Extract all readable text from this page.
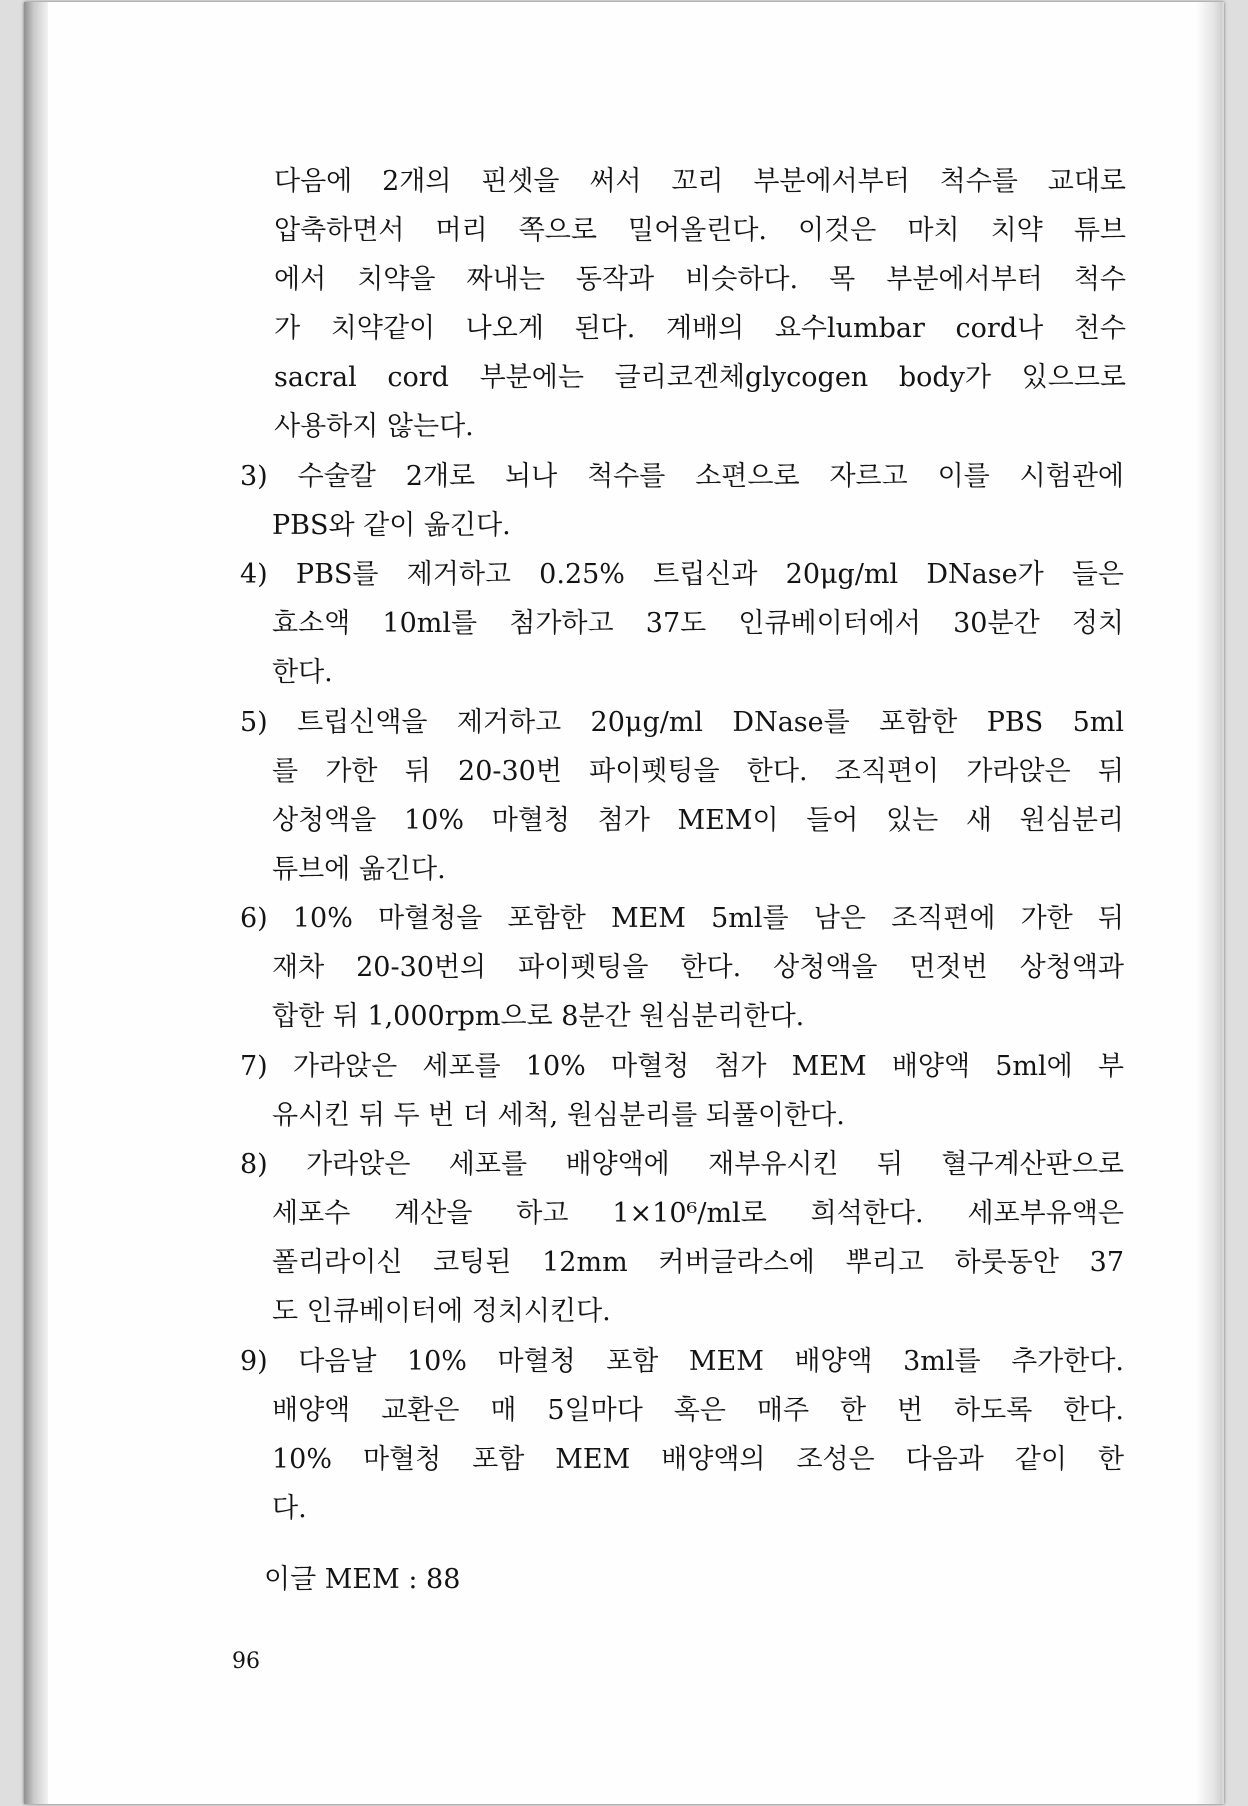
다음에 2개의 핀셋을 써서 꼬리 부분에서부터 척수를 교대로
압축하면서 머리 쪽으로 밀어올린다. 이것은 마치 치약 튜브
에서 치약을 짜내는 동작과 비슷하다. 목 부분에서부터 척수
가 치약같이 나오게 된다. 계배의 요수lumbar cord나 천수
sacral cord 부분에는 글리코겐체glycogen body가 있으므로
사용하지 않는다.
3) 수술칼 2개로 뇌나 척수를 소편으로 자르고 이를 시험관에
PBS와 같이 옮긴다.
4) PBS를 제거하고 0.25% 트립신과 20μg/ml DNase가 들은
효소액 10ml를 첨가하고 37도 인큐베이터에서 30분간 정치
한다.
5) 트립신액을 제거하고 20μg/ml DNase를 포함한 PBS 5ml
를 가한 뒤 20-30번 파이펫팅을 한다. 조직편이 가라앉은 뒤
상청액을 10% 마혈청 첨가 MEM이 들어 있는 새 원심분리
튜브에 옮긴다.
6) 10% 마혈청을 포함한 MEM 5ml를 남은 조직편에 가한 뒤
재차 20-30번의 파이펫팅을 한다. 상청액을 먼젓번 상청액과
합한 뒤 1,000rpm으로 8분간 원심분리한다.
7) 가라앉은 세포를 10% 마혈청 첨가 MEM 배양액 5ml에 부
유시킨 뒤 두 번 더 세척, 원심분리를 되풀이한다.
8) 가라앉은 세포를 배양액에 재부유시킨 뒤 혈구계산판으로
세포수 계산을 하고 1×10⁶/ml로 희석한다. 세포부유액은
폴리라이신 코팅된 12mm 커버글라스에 뿌리고 하룻동안 37
도 인큐베이터에 정치시킨다.
9) 다음날 10% 마혈청 포함 MEM 배양액 3ml를 추가한다.
배양액 교환은 매 5일마다 혹은 매주 한 번 하도록 한다.
10% 마혈청 포함 MEM 배양액의 조성은 다음과 같이 한
다.
이글 MEM : 88
96
